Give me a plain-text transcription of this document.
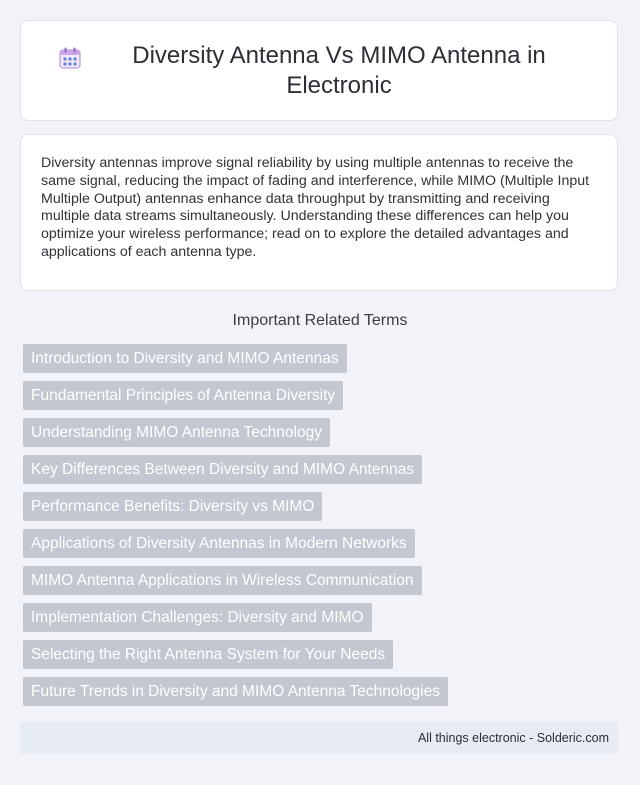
Diversity Antenna Vs MIMO Antenna in Electronic

Diversity antennas improve signal reliability by using multiple antennas to receive the same signal, reducing the impact of fading and interference, while MIMO (Multiple Input Multiple Output) antennas enhance data throughput by transmitting and receiving multiple data streams simultaneously. Understanding these differences can help you optimize your wireless performance; read on to explore the detailed advantages and applications of each antenna type.

Important Related Terms
Introduction to Diversity and MIMO Antennas
Fundamental Principles of Antenna Diversity
Understanding MIMO Antenna Technology
Key Differences Between Diversity and MIMO Antennas
Performance Benefits: Diversity vs MIMO
Applications of Diversity Antennas in Modern Networks
MIMO Antenna Applications in Wireless Communication
Implementation Challenges: Diversity and MIMO
Selecting the Right Antenna System for Your Needs
Future Trends in Diversity and MIMO Antenna Technologies
All things electronic - Solderic.com
